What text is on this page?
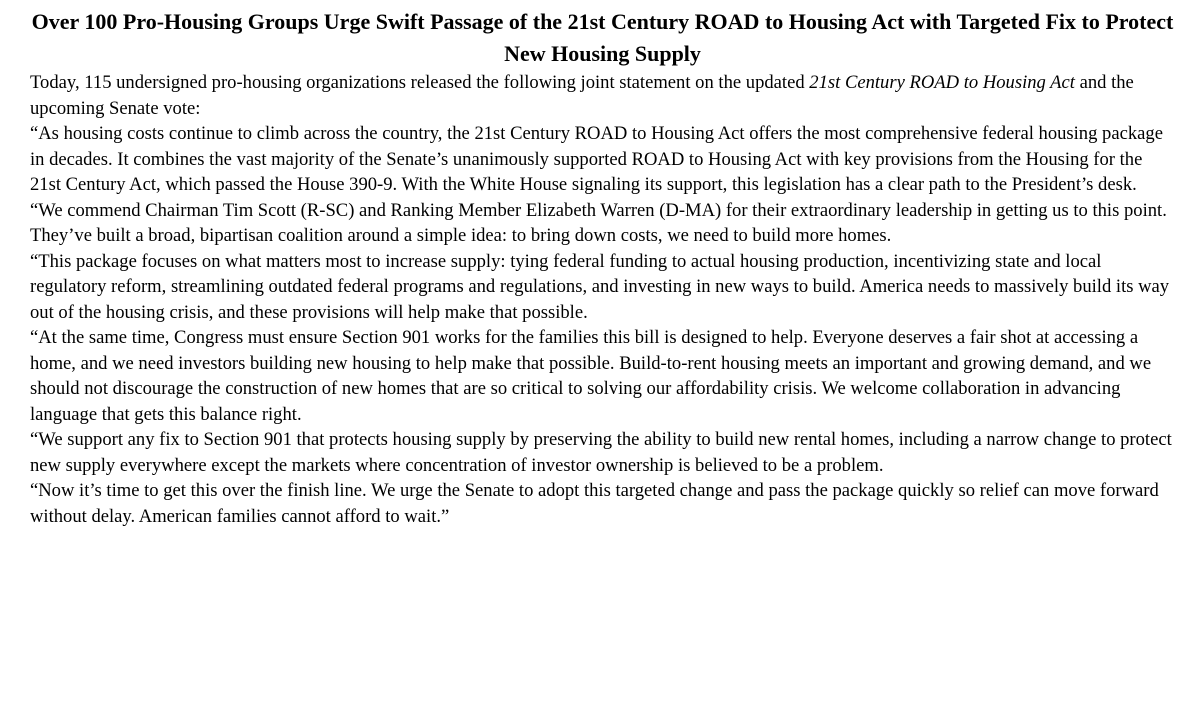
Over 100 Pro-Housing Groups Urge Swift Passage of the 21st Century ROAD to Housing Act with Targeted Fix to Protect New Housing Supply

Today, 115 undersigned pro-housing organizations released the following joint statement on the updated 21st Century ROAD to Housing Act and the upcoming Senate vote:

“As housing costs continue to climb across the country, the 21st Century ROAD to Housing Act offers the most comprehensive federal housing package in decades. It combines the vast majority of the Senate’s unanimously supported ROAD to Housing Act with key provisions from the Housing for the 21st Century Act, which passed the House 390-9. With the White House signaling its support, this legislation has a clear path to the President’s desk.

“We commend Chairman Tim Scott (R-SC) and Ranking Member Elizabeth Warren (D-MA) for their extraordinary leadership in getting us to this point. They’ve built a broad, bipartisan coalition around a simple idea: to bring down costs, we need to build more homes.

“This package focuses on what matters most to increase supply: tying federal funding to actual housing production, incentivizing state and local regulatory reform, streamlining outdated federal programs and regulations, and investing in new ways to build. America needs to massively build its way out of the housing crisis, and these provisions will help make that possible.

“At the same time, Congress must ensure Section 901 works for the families this bill is designed to help. Everyone deserves a fair shot at accessing a home, and we need investors building new housing to help make that possible. Build-to-rent housing meets an important and growing demand, and we should not discourage the construction of new homes that are so critical to solving our affordability crisis. We welcome collaboration in advancing language that gets this balance right.

“We support any fix to Section 901 that protects housing supply by preserving the ability to build new rental homes, including a narrow change to protect new supply everywhere except the markets where concentration of investor ownership is believed to be a problem.

“Now it’s time to get this over the finish line. We urge the Senate to adopt this targeted change and pass the package quickly so relief can move forward without delay. American families cannot afford to wait.”
